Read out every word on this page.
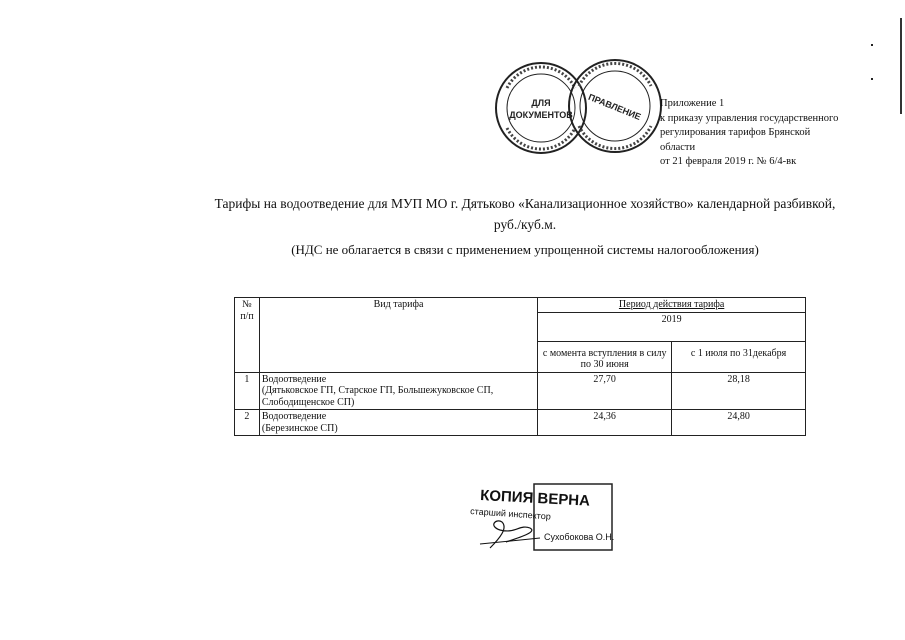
ДЛЯ
ДОКУМЕНТОВ ПРАВЛЕНИЕ Приложение 1
к приказу управления государственного
регулирования тарифов Брянской
области
от 21 февраля 2019 г. № 6/4-вк
Тарифы на водоотведение для МУП МО г. Дятьково «Канализационное хозяйство» календарной разбивкой,
руб./куб.м.
(НДС не облагается в связи с применением упрощенной системы налогообложения)
№ п/п	Вид тарифа	Период действия тарифа	
		2019	
		с момента вступления в силу по 30 июня	с 1 июля по 31декабря
1	Водоотведение
(Дятьковское ГП, Старское ГП, Большежуковское СП,
Слободищенское СП)	27,70	28,18
2	Водоотведение
(Березинское СП)	24,36	24,80
КОПИЯ ВЕРНА
старший инспектор
Сухобокова О.Н.
